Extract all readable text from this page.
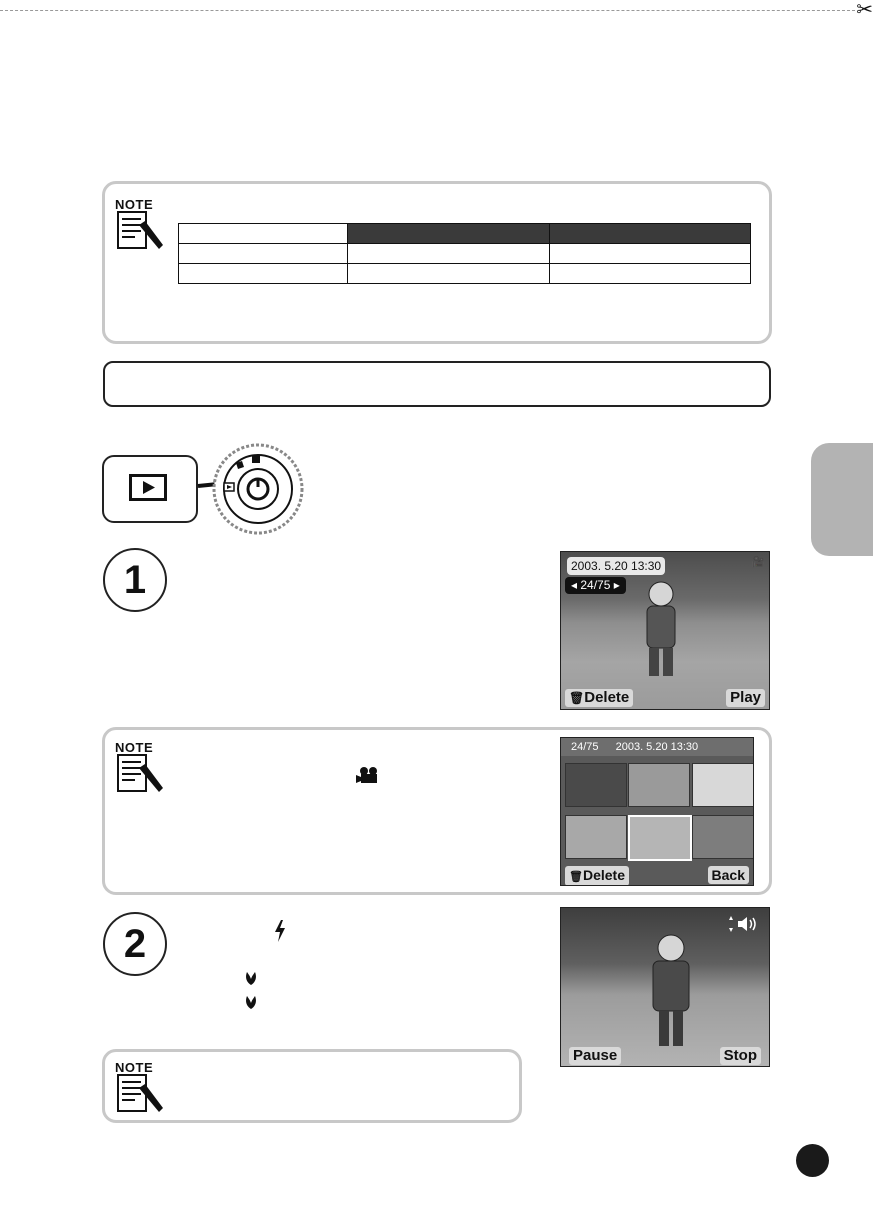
✂
NOTE

1	2003. 5.20 13:30
◂ 24/75 ▸
🎥
🗑Delete	Play
NOTE	24/75 2003. 5.20 13:30
🗑Delete	Back
2
Pause	Stop
NOTE
